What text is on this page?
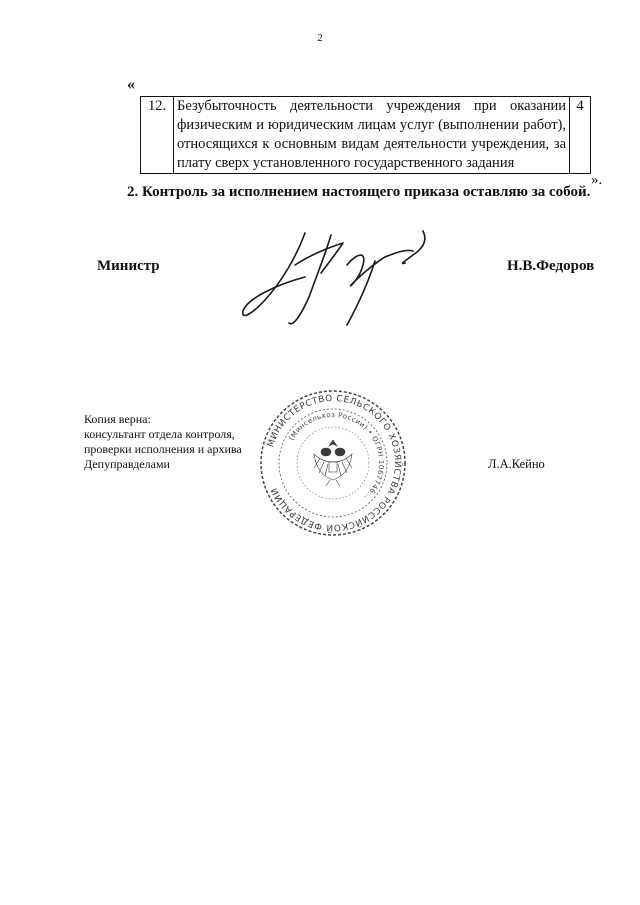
2
«
12.	Безубыточность деятельности учреждения при оказании физическим и юридическим лицам услуг (выполнении работ), относящихся к основным видам деятельности учреждения, за плату сверх установленного государственного задания	4
».
2. Контроль за исполнением настоящего приказа оставляю за собой.
Министр	Н.В.Федоров
Копия верна:
консультант отдела контроля,
проверки исполнения и архива
Депуправделами
МИНИСТЕРСТВО СЕЛЬСКОГО ХОЗЯЙСТВА РОССИЙСКОЙ ФЕДЕРАЦИИ
(Минсельхоз России) • ОГРН 1067746...
Л.А.Кейно
